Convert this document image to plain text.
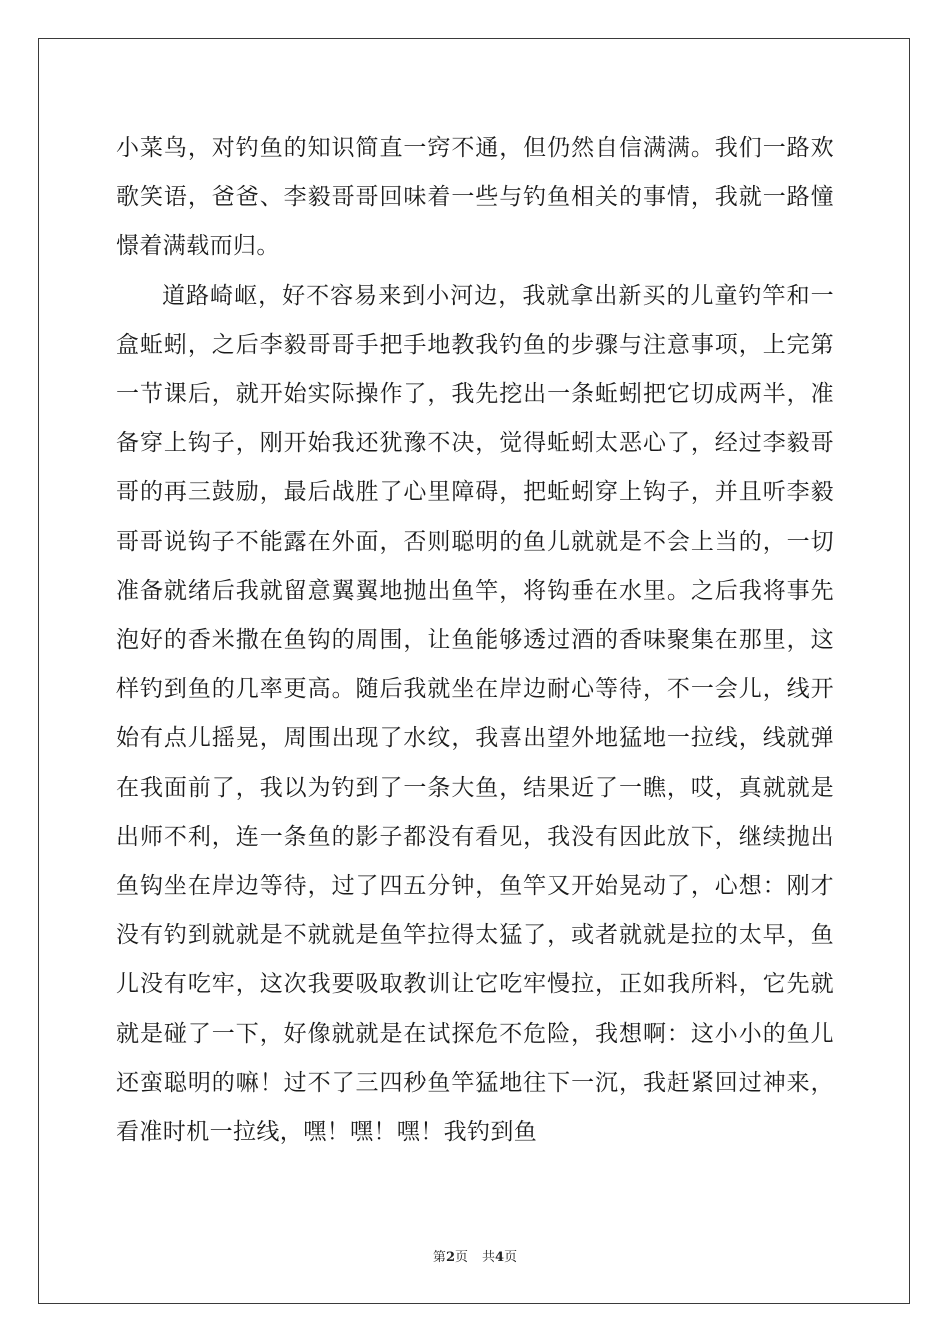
小菜鸟，对钓鱼的知识简直一窍不通，但仍然自信满满。我们一路欢歌笑语，爸爸、李毅哥哥回味着一些与钓鱼相关的事情，我就一路憧憬着满载而归。

道路崎岖，好不容易来到小河边，我就拿出新买的儿童钓竿和一盒蚯蚓，之后李毅哥哥手把手地教我钓鱼的步骤与注意事项，上完第一节课后，就开始实际操作了，我先挖出一条蚯蚓把它切成两半，准备穿上钩子，刚开始我还犹豫不决，觉得蚯蚓太恶心了，经过李毅哥哥的再三鼓励，最后战胜了心里障碍，把蚯蚓穿上钩子，并且听李毅哥哥说钩子不能露在外面，否则聪明的鱼儿就就是不会上当的，一切准备就绪后我就留意翼翼地抛出鱼竿，将钩垂在水里。之后我将事先泡好的香米撒在鱼钩的周围，让鱼能够透过酒的香味聚集在那里，这样钓到鱼的几率更高。随后我就坐在岸边耐心等待，不一会儿，线开始有点儿摇晃，周围出现了水纹，我喜出望外地猛地一拉线，线就弹在我面前了，我以为钓到了一条大鱼，结果近了一瞧，哎，真就就是出师不利，连一条鱼的影子都没有看见，我没有因此放下，继续抛出鱼钩坐在岸边等待，过了四五分钟，鱼竿又开始晃动了，心想：刚才没有钓到就就是不就就是鱼竿拉得太猛了，或者就就是拉的太早，鱼儿没有吃牢，这次我要吸取教训让它吃牢慢拉，正如我所料，它先就就是碰了一下，好像就就是在试探危不危险，我想啊：这小小的鱼儿还蛮聪明的嘛！过不了三四秒鱼竿猛地往下一沉，我赶紧回过神来，看准时机一拉线，嘿！嘿！嘿！我钓到鱼

第2页 共4页
